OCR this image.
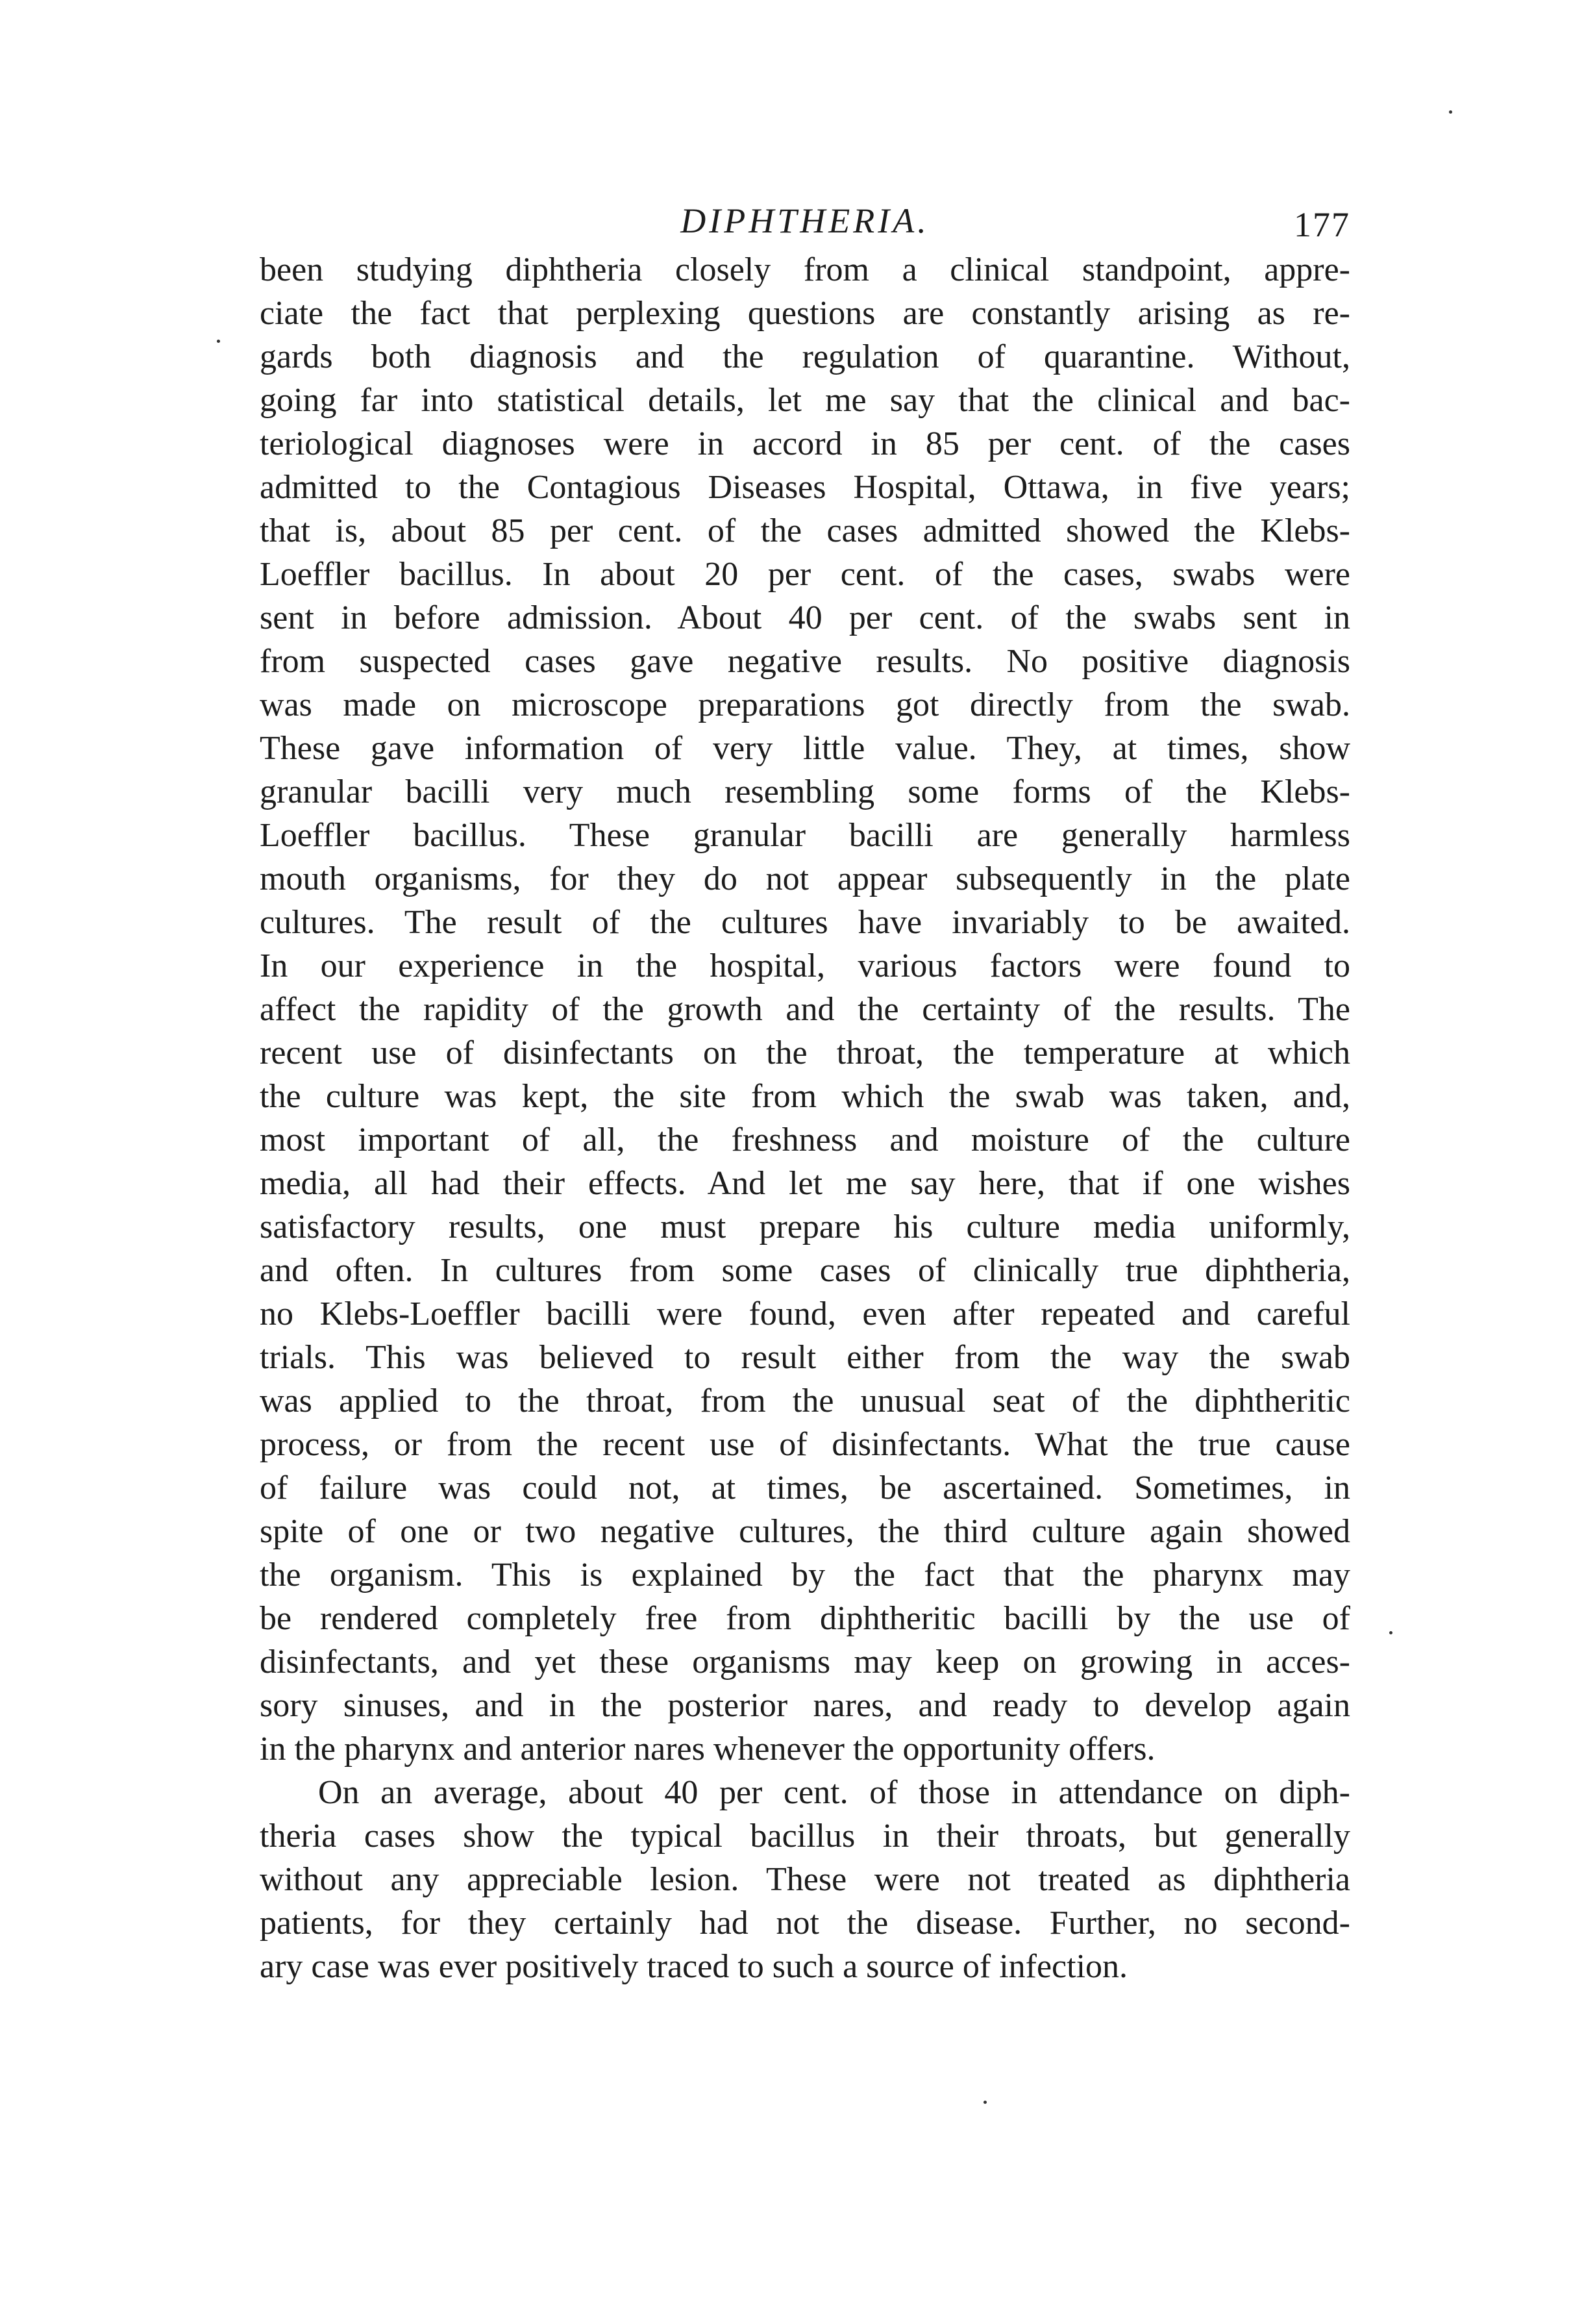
DIPHTHERIA.	177
been studying diphtheria closely from a clinical standpoint, appre-
ciate the fact that perplexing questions are constantly arising as re-
gards both diagnosis and the regulation of quarantine. Without,
going far into statistical details, let me say that the clinical and bac-
teriological diagnoses were in accord in 85 per cent. of the cases
admitted to the Contagious Diseases Hospital, Ottawa, in five years;
that is, about 85 per cent. of the cases admitted showed the Klebs-
Loeffler bacillus. In about 20 per cent. of the cases, swabs were
sent in before admission. About 40 per cent. of the swabs sent in
from suspected cases gave negative results. No positive diagnosis
was made on microscope preparations got directly from the swab.
These gave information of very little value. They, at times, show
granular bacilli very much resembling some forms of the Klebs-
Loeffler bacillus. These granular bacilli are generally harmless
mouth organisms, for they do not appear subsequently in the plate
cultures. The result of the cultures have invariably to be awaited.
In our experience in the hospital, various factors were found to
affect the rapidity of the growth and the certainty of the results. The
recent use of disinfectants on the throat, the temperature at which
the culture was kept, the site from which the swab was taken, and,
most important of all, the freshness and moisture of the culture
media, all had their effects. And let me say here, that if one wishes
satisfactory results, one must prepare his culture media uniformly,
and often. In cultures from some cases of clinically true diphtheria,
no Klebs-Loeffler bacilli were found, even after repeated and careful
trials. This was believed to result either from the way the swab
was applied to the throat, from the unusual seat of the diphtheritic
process, or from the recent use of disinfectants. What the true cause
of failure was could not, at times, be ascertained. Sometimes, in
spite of one or two negative cultures, the third culture again showed
the organism. This is explained by the fact that the pharynx may
be rendered completely free from diphtheritic bacilli by the use of
disinfectants, and yet these organisms may keep on growing in acces-
sory sinuses, and in the posterior nares, and ready to develop again
in the pharynx and anterior nares whenever the opportunity offers.
On an average, about 40 per cent. of those in attendance on diph-
theria cases show the typical bacillus in their throats, but generally
without any appreciable lesion. These were not treated as diphtheria
patients, for they certainly had not the disease. Further, no second-
ary case was ever positively traced to such a source of infection.
